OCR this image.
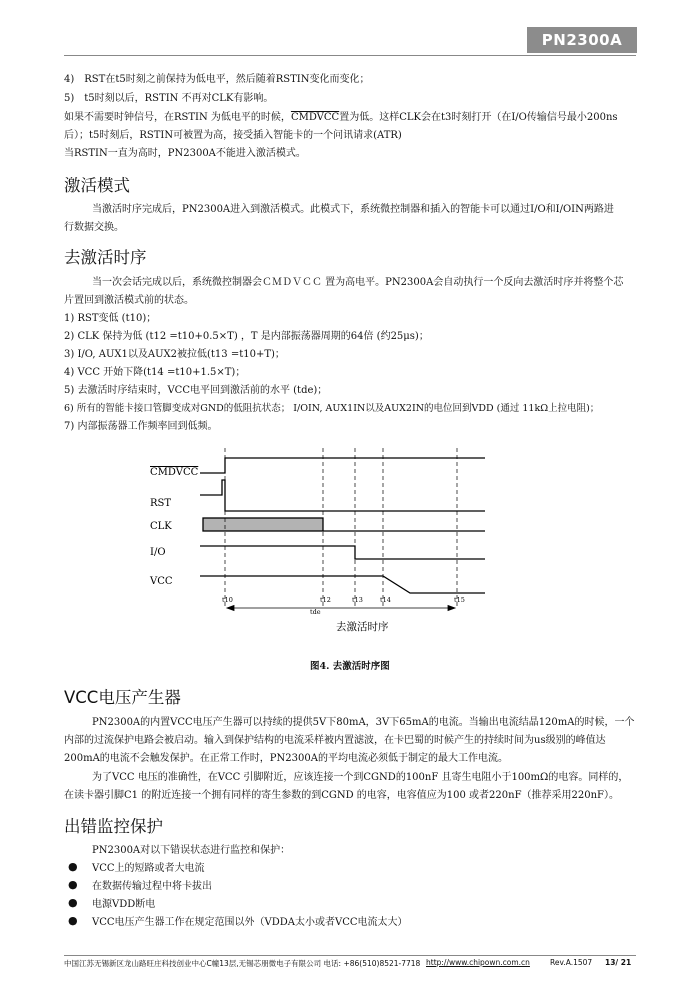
PN2300A
4)　RST在t5时刻之前保持为低电平，然后随着RSTIN变化而变化；
5)　t5时刻以后，RSTIN 不再对CLK有影响。
如果不需要时钟信号，在RSTIN 为低电平的时候，CMDVCC置为低。这样CLK会在t3时刻打开（在I/O传输信号最小200ns
后）；t5时刻后，RSTIN可被置为高，接受插入智能卡的一个问讯请求(ATR)
当RSTIN一直为高时，PN2300A不能进入激活模式。
激活模式
当激活时序完成后，PN2300A进入到激活模式。此模式下，系统微控制器和插入的智能卡可以通过I/O和I/OIN两路进
行数据交换。
去激活时序
当一次会话完成以后，系统微控制器会ＣＭＤＶＣＣ 置为高电平。PN2300A会自动执行一个反向去激活时序并将整个芯
片置回到激活模式前的状态。
1) RST变低 (t10)；
2) CLK 保持为低 (t12 =t10+0.5×T) ，T 是内部振荡器周期的64倍 (约25μs)；
3) I/O, AUX1以及AUX2被拉低(t13 =t10+T)；
4) VCC 开始下降(t14 =t10+1.5×T)；
5) 去激活时序结束时，VCC电平回到激活前的水平 (tde)；
6) 所有的智能卡接口管脚变成对GND的低阻抗状态； I/OIN, AUX1IN以及AUX2IN的电位回到VDD (通过 11kΩ上拉电阻)；
7) 内部振荡器工作频率回到低频。
CMDVCC
RST
CLK
I/O
VCC
t10	t12	t13	t14	t15
tde
去激活时序
图4. 去激活时序图
VCC电压产生器
PN2300A的内置VCC电压产生器可以持续的提供5V下80mA，3V下65mA的电流。当输出电流结晶120mA的时候，一个
内部的过流保护电路会被启动。输入到保护结构的电流采样被内置滤波，在卡巴蜀的时候产生的持续时间为us级别的峰值达
200mA的电流不会触发保护。在正常工作时，PN2300A的平均电流必须低于制定的最大工作电流。
为了VCC 电压的准确性，在VCC 引脚附近，应该连接一个到CGND的100nF 且寄生电阻小于100mΩ的电容。同样的，
在读卡器引脚C1 的附近连接一个拥有同样的寄生参数的到CGND 的电容，电容值应为100 或者220nF（推荐采用220nF）。
出错监控保护
PN2300A对以下错误状态进行监控和保护：
● VCC上的短路或者大电流
● 在数据传输过程中将卡拔出
● 电源VDD断电
● VCC电压产生器工作在规定范围以外（VDDA太小或者VCC电流太大）
中国江苏无锡新区龙山路旺庄科技创业中心C幢13层,无锡芯朋微电子有限公司 电话: +86(510)8521-7718 http://www.chipown.com.cn	Rev.A.1507 13/ 21
